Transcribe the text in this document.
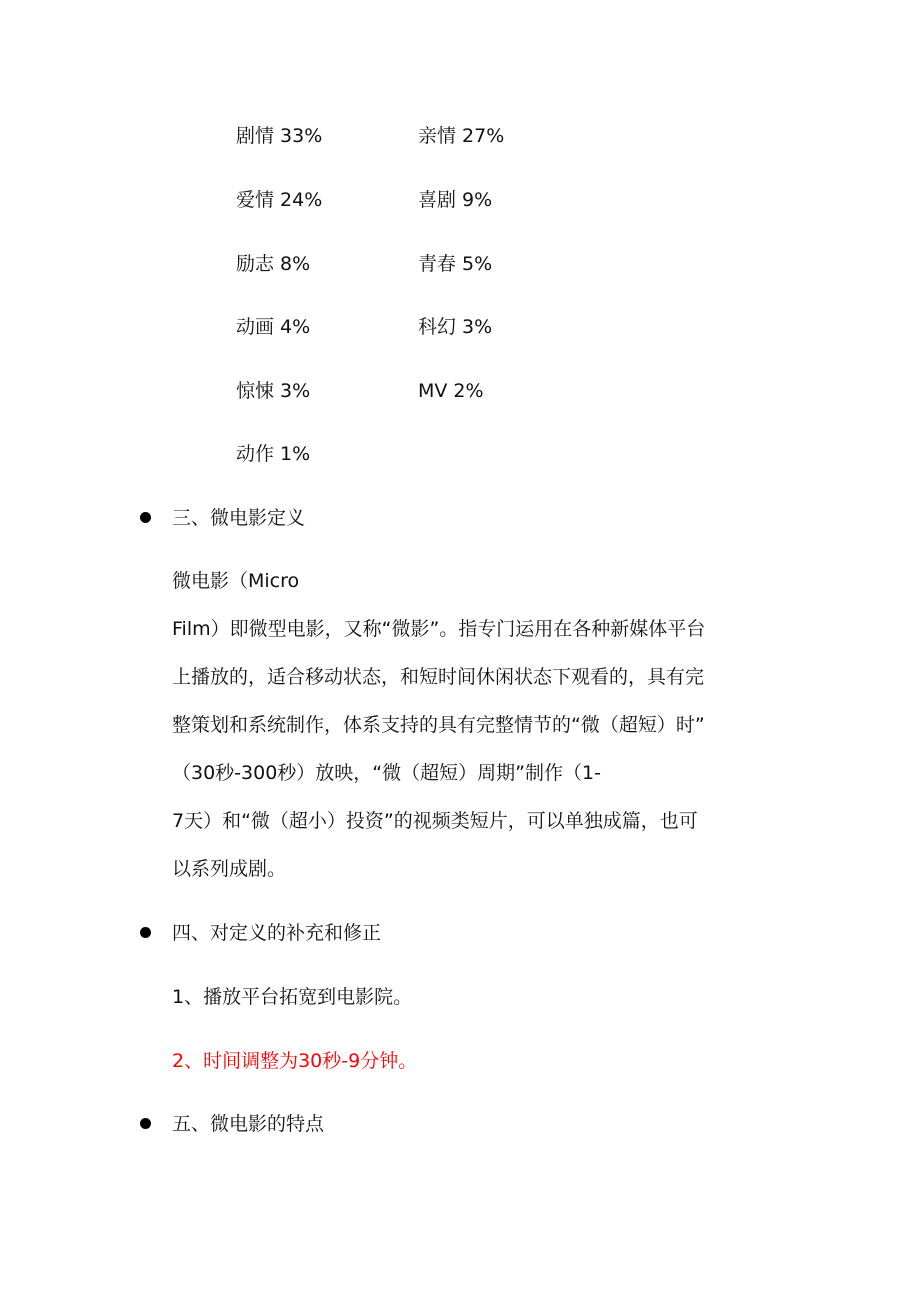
剧情 33%	亲情 27%
爱情 24%	喜剧 9%
励志 8%	青春 5%
动画 4%	科幻 3%
惊悚 3%	MV 2%
动作 1%
三、微电影定义
微电影（Micro
Film）即微型电影，又称“微影”。指专门运用在各种新媒体平台
上播放的，适合移动状态，和短时间休闲状态下观看的，具有完
整策划和系统制作，体系支持的具有完整情节的“微（超短）时”
（30秒-300秒）放映，“微（超短）周期”制作（1-
7天）和“微（超小）投资”的视频类短片，可以单独成篇，也可
以系列成剧。
四、对定义的补充和修正
1、播放平台拓宽到电影院。
2、时间调整为30秒-9分钟。
五、微电影的特点
